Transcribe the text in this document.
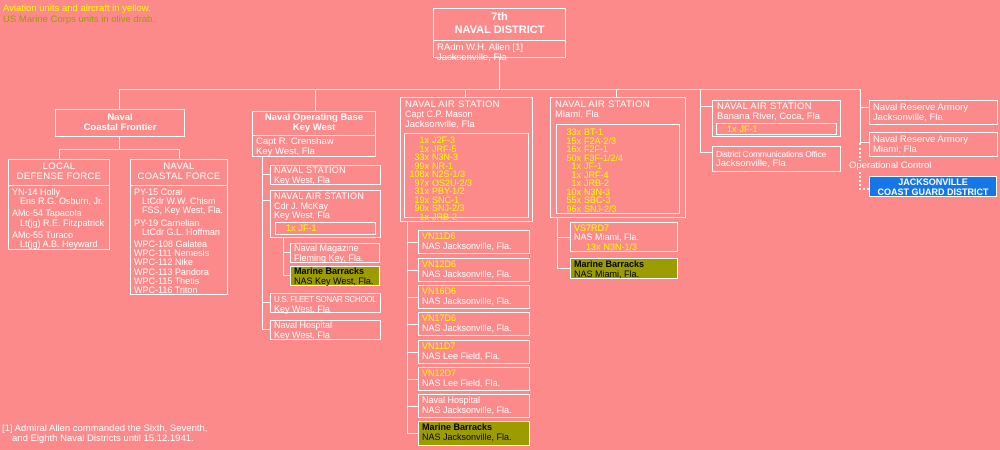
Aviation units and aircraft in yellow.
US Marine Corps units in olive drab.	7th
NAVAL DISTRICT
RAdm W.H. Allen [1]
Jacksonville, Fla
Naval
Coastal Frontier
LOCAL
DEFENSE FORCE
YN-14 Holly
Ens R.G. Osburn, Jr.
AMc-54 Tapacola
Lt(jg) R.E. Fitzpatrick
AMc-55 Turaco
Lt(jg) A.B. Heyward
NAVAL
COASTAL FORCE
PY-15 Coral
LtCdr W.W. Chism
FSS, Key West, Fla.
PY-19 Carnelian
LtCdr G.L. Hoffman
WPC-108 Galatea
WPC-111 Nemesis
WPC-112 Nike
WPC-113 Pandora
WPC-115 Thetis
WPC-116 Triton
Naval Operating Base
Key West
Capt R. Crenshaw
Key West, Fla
NAVAL STATION
Key West, Fla
NAVAL AIR STATION
Cdr J. McKay
Key West, Fla
1x JF-1
Naval Magazine
Fleming Key, Fla.
Marine Barracks
NAS Key West, Fla.
U.S. FLEET SONAR SCHOOL
Key West, Fla
Naval Hospital
Key West, Fla
NAVAL AIR STATION
Capt C.P. Mason
Jacksonville, Fla
1x J2F-3
1x JRF-5
33x N3N-3
99x NR-1
108x N2S-1/3
97x OS2U-2/3
31x PBY-1/2
19x SNC-1
90x SNJ-2/3
1x JRB-2
VN11D6
NAS Jacksonville, Fla.
VN12D6
NAS Jacksonville, Fla.
VN16D6
NAS Jacksonville, Fla.
VN17D6
NAS Jacksonville, Fla.
VN11D7
NAS Lee Field, Fla.
VN12D7
NAS Lee Field, Fla.
Naval Hospital
NAS Jacksonville, Fla.
Marine Barracks
NAS Jacksonville, Fla.
NAVAL AIR STATION
Miami, Fla
33x BT-1
15x F2A-2/3
16x F2F-1
50x F3F-1/2/4
1x JF-1
1x JRF-4
1x JRB-2
10x N3N-3
55x SBC-3
96x SNJ-2/3
VS7RD7
NAS Miami, Fla.
13x N3N-1/3
Marine Barracks
NAS Miami, Fla.
NAVAL AIR STATION
Banana River, Coca, Fla
1x JF-1
District Communications Office
Jacksonville, Fla
Naval Reserve Armory
Jacksonville, Fla
Naval Reserve Armory
Miami, Fla
Operational Control
JACKSONVILLE
COAST GUARD DISTRICT
[1] Admiral Allen commanded the Sixth, Seventh,
and Eighth Naval Districts until 15.12.1941.
